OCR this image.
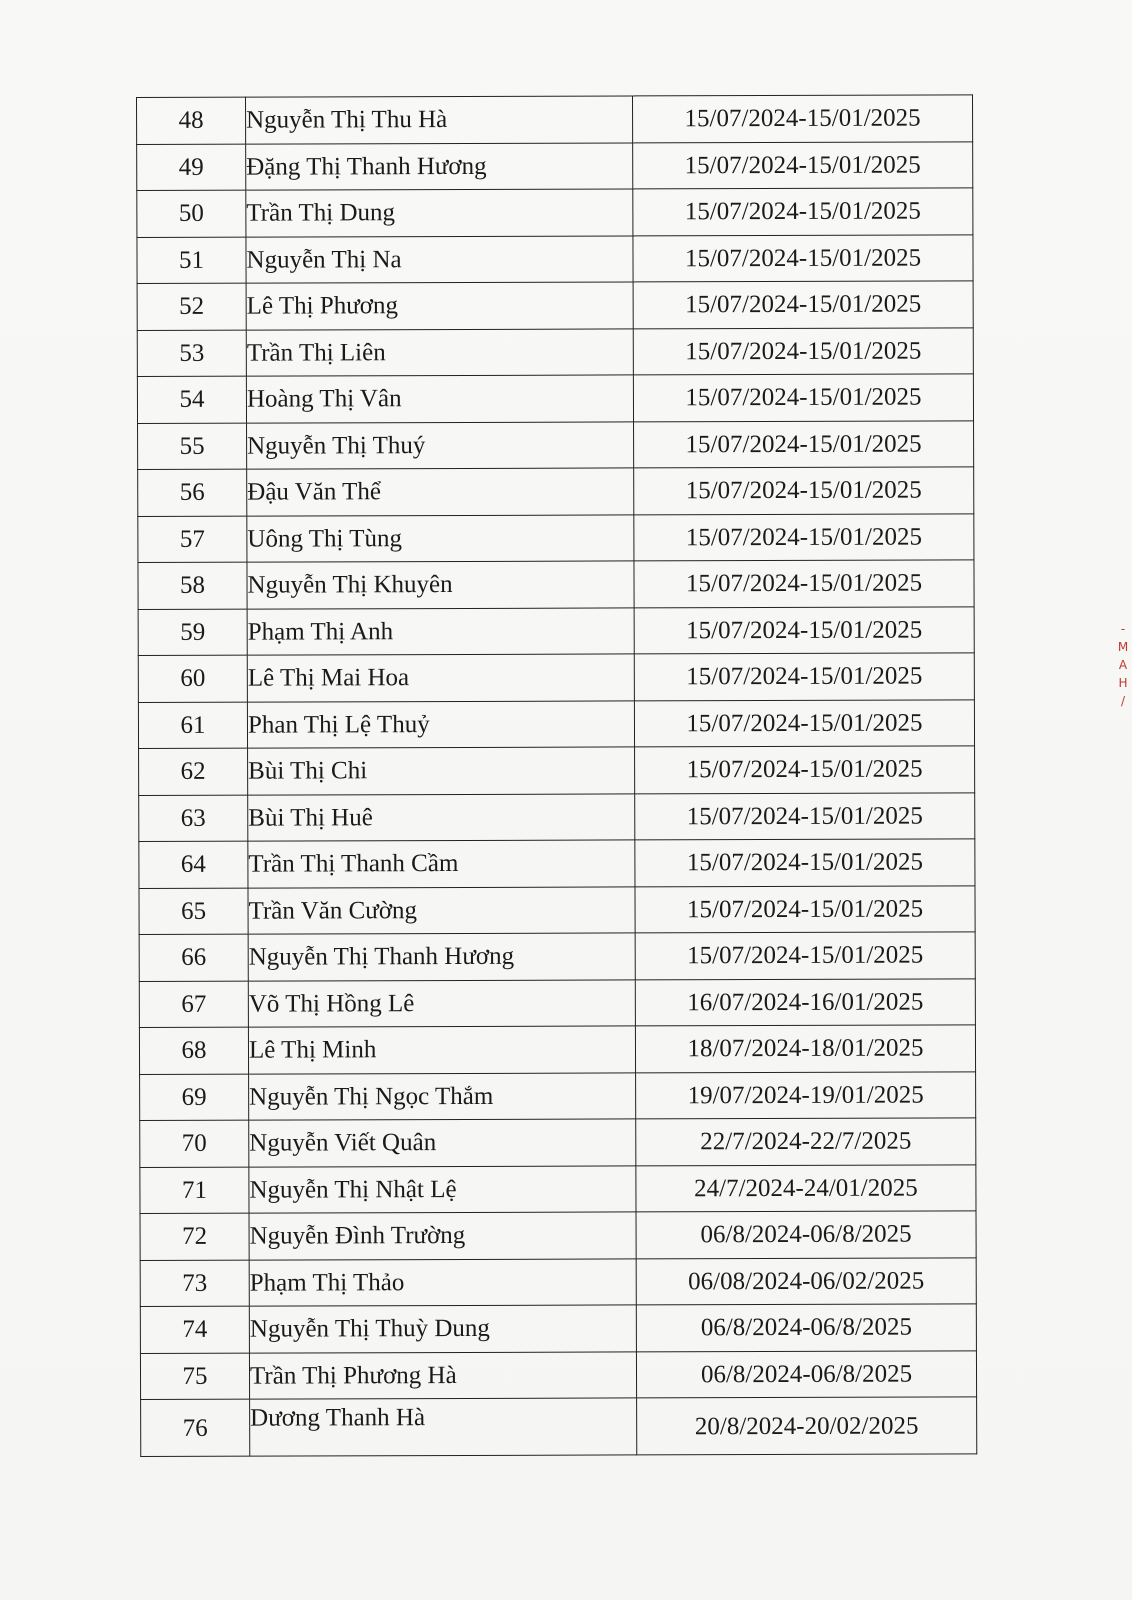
48	Nguyễn Thị Thu Hà	15/07/2024-15/01/2025
49	Đặng Thị Thanh Hương	15/07/2024-15/01/2025
50	Trần Thị Dung	15/07/2024-15/01/2025
51	Nguyễn Thị Na	15/07/2024-15/01/2025
52	Lê Thị Phương	15/07/2024-15/01/2025
53	Trần Thị Liên	15/07/2024-15/01/2025
54	Hoàng Thị Vân	15/07/2024-15/01/2025
55	Nguyễn Thị Thuý	15/07/2024-15/01/2025
56	Đậu Văn Thể	15/07/2024-15/01/2025
57	Uông Thị Tùng	15/07/2024-15/01/2025
58	Nguyễn Thị Khuyên	15/07/2024-15/01/2025
59	Phạm Thị Anh	15/07/2024-15/01/2025
60	Lê Thị Mai Hoa	15/07/2024-15/01/2025
61	Phan Thị Lệ Thuỷ	15/07/2024-15/01/2025
62	Bùi Thị Chi	15/07/2024-15/01/2025
63	Bùi Thị Huê	15/07/2024-15/01/2025
64	Trần Thị Thanh Cầm	15/07/2024-15/01/2025
65	Trần Văn Cường	15/07/2024-15/01/2025
66	Nguyễn Thị Thanh Hương	15/07/2024-15/01/2025
67	Võ Thị Hồng Lê	16/07/2024-16/01/2025
68	Lê Thị Minh	18/07/2024-18/01/2025
69	Nguyễn Thị Ngọc Thắm	19/07/2024-19/01/2025
70	Nguyễn Viết Quân	22/7/2024-22/7/2025
71	Nguyễn Thị Nhật Lệ	24/7/2024-24/01/2025
72	Nguyễn Đình Trường	06/8/2024-06/8/2025
73	Phạm Thị Thảo	06/08/2024-06/02/2025
74	Nguyễn Thị Thuỳ Dung	06/8/2024-06/8/2025
75	Trần Thị Phương Hà	06/8/2024-06/8/2025
76	Dương Thanh Hà	20/8/2024-20/02/2025
‑ M A H /
